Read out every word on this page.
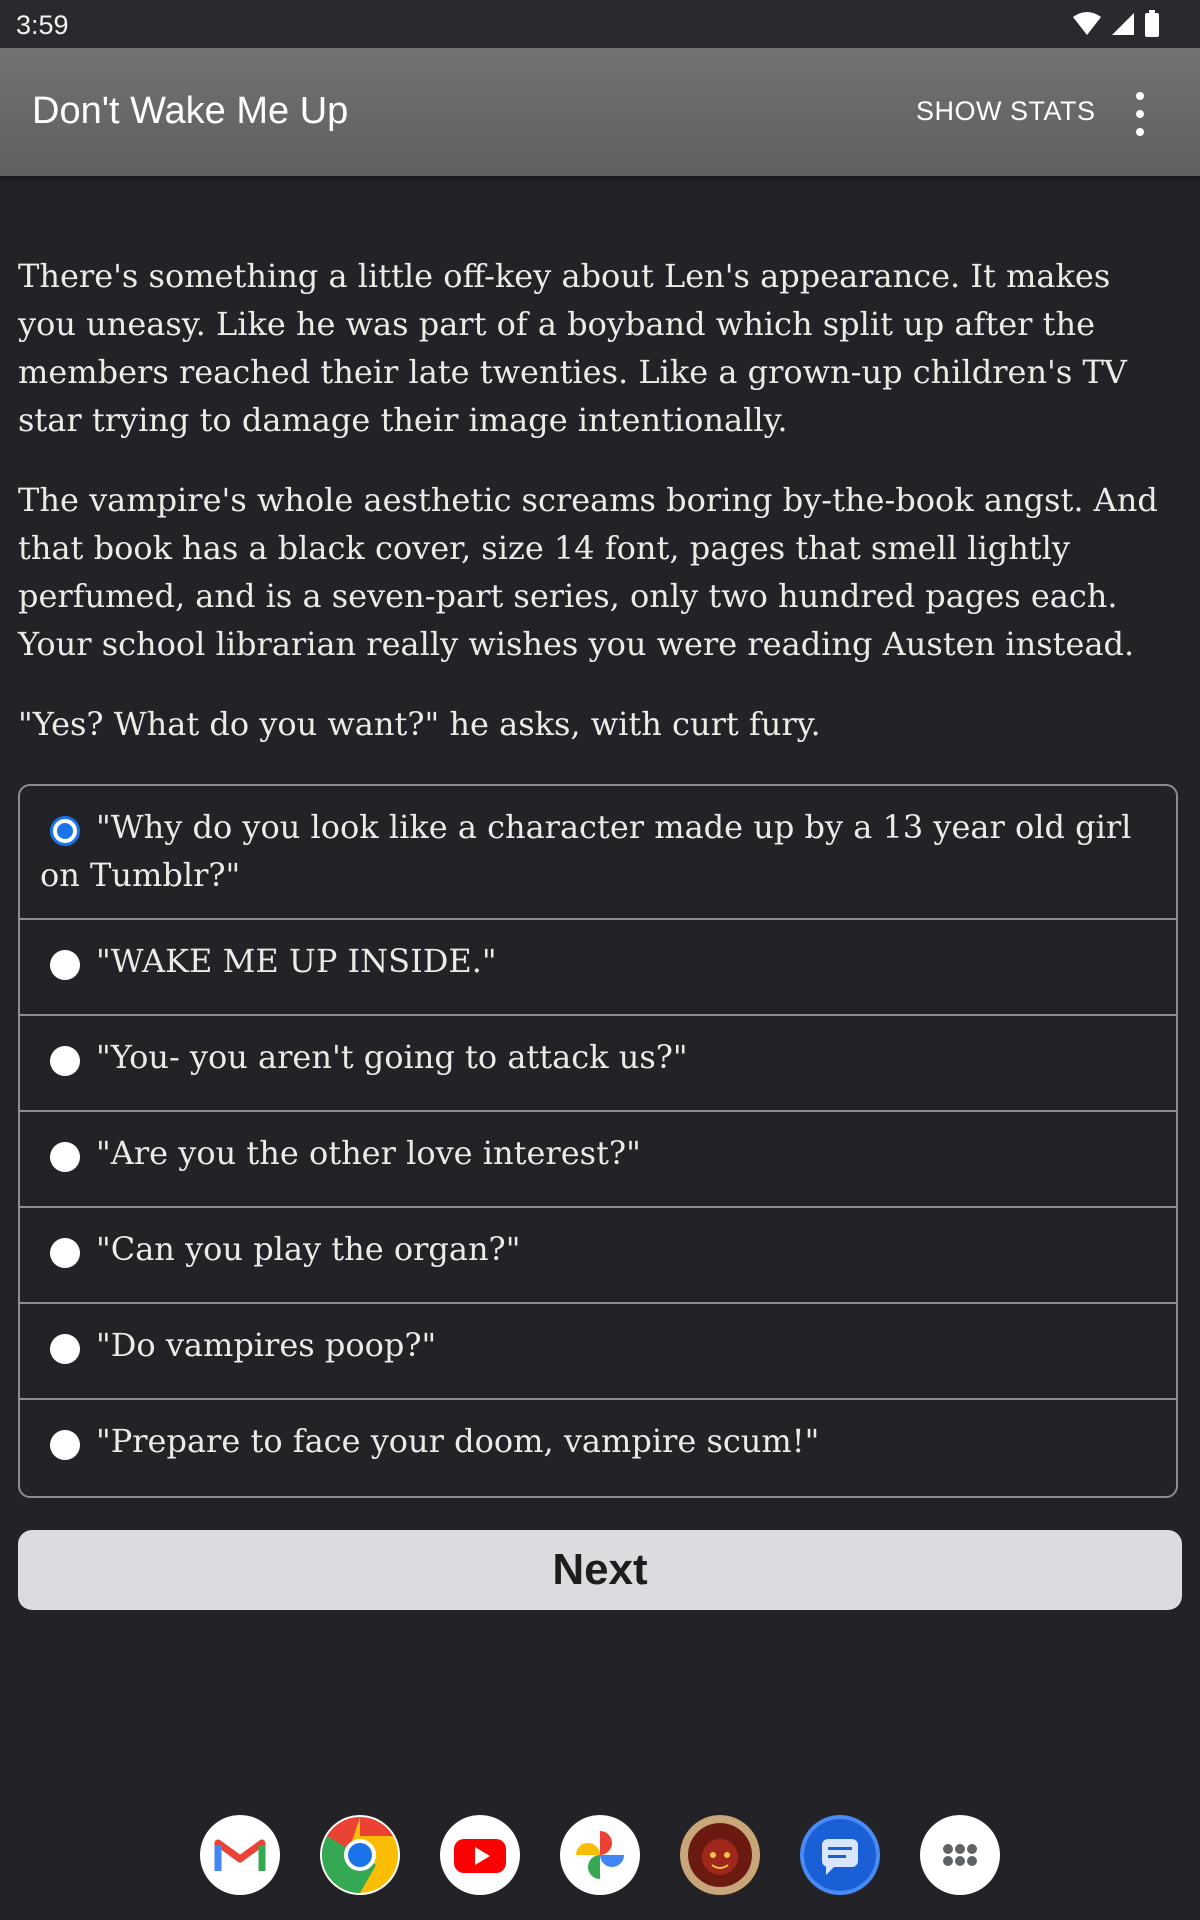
3:59
Don't Wake Me Up	SHOW STATS

There's something a little off-key about Len's appearance. It makes you uneasy. Like he was part of a boyband which split up after the members reached their late twenties. Like a grown-up children's TV star trying to damage their image intentionally.

The vampire's whole aesthetic screams boring by-the-book angst. And that book has a black cover, size 14 font, pages that smell lightly perfumed, and is a seven-part series, only two hundred pages each. Your school librarian really wishes you were reading Austen instead.

"Yes? What do you want?" he asks, with curt fury.

"Why do you look like a character made up by a 13 year old girl on Tumblr?"
"WAKE ME UP INSIDE."
"You- you aren't going to attack us?"
"Are you the other love interest?"
"Can you play the organ?"
"Do vampires poop?"
"Prepare to face your doom, vampire scum!"
Next
